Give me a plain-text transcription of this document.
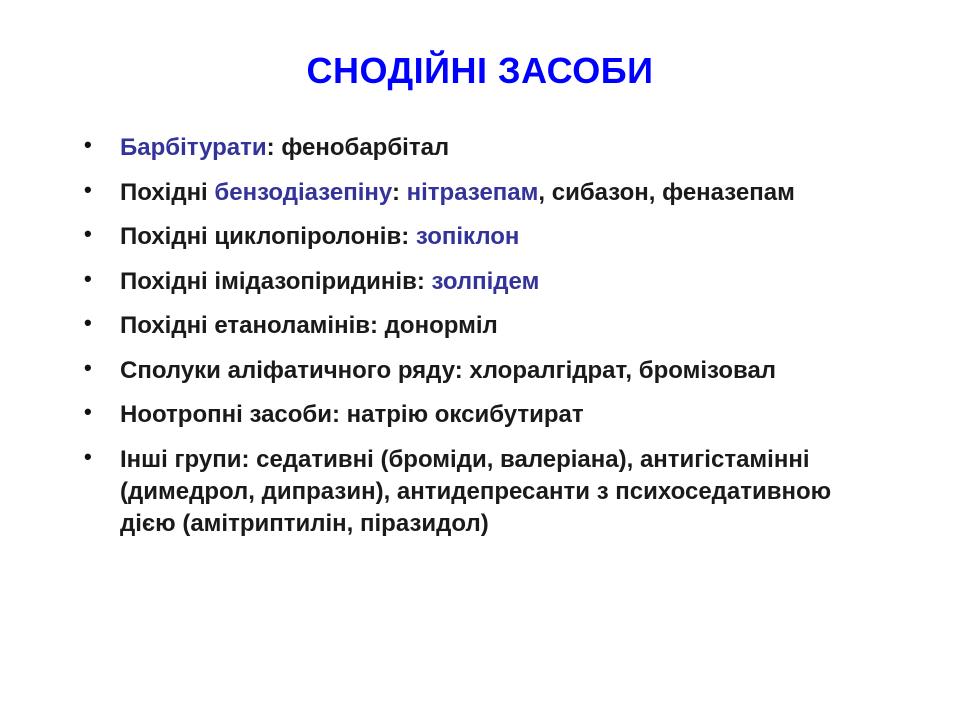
СНОДІЙНІ ЗАСОБИ
• Барбітурати: фенобарбітал
• Похідні бензодіазепіну: нітразепам, сибазон, феназепам
• Похідні циклопіролонів: зопіклон
• Похідні імідазопіридинів: золпідем
• Похідні етаноламінів: донорміл
• Сполуки аліфатичного ряду: хлоралгідрат, бромізовал
• Ноотропні засоби: натрію оксибутират
• Інші групи: седативні (броміди, валеріана), антигістамінні (димедрол, дипразин), антидепресанти з психоседативною дією (амітриптилін, піразидол)
